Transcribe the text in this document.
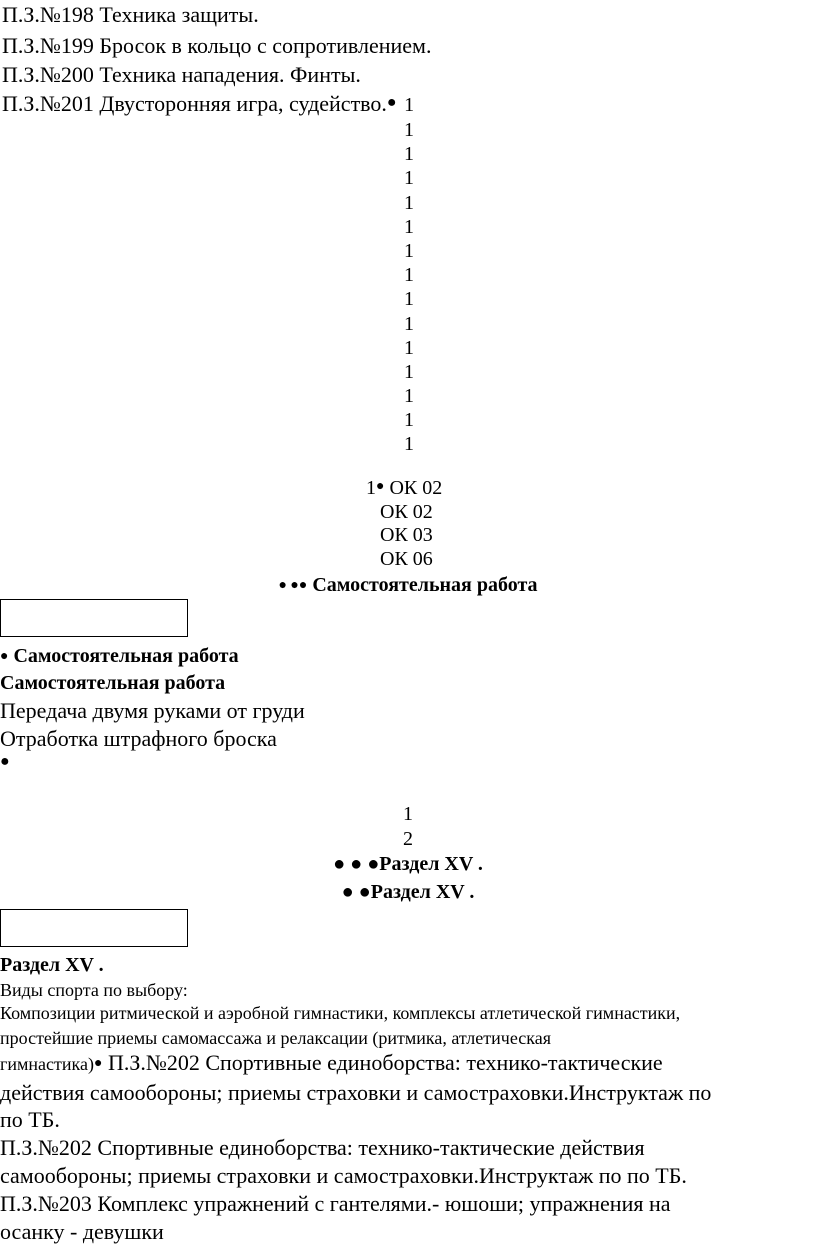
П.З.№198 Техника защиты.
П.З.№199 Бросок в кольцо с сопротивлением.
П.З.№200 Техника нападения. Финты.
П.З.№201 Двусторонняя игра, судейство.● 1
1
1
1
1
1
1
1
1
1
1
1
1
1
1
1● ОК 02
ОК 02
ОК 03
ОК 06
● ●● Самостоятельная работа
● Самостоятельная работа
Самостоятельная работа
Передача двумя руками от груди
Отработка штрафного броска
●
1
2
● ● ●Раздел XV .
● ●Раздел XV .
Раздел XV .
Виды спорта по выбору:
Композиции ритмической и аэробной гимнастики, комплексы атлетической гимнастики,
простейшие приемы самомассажа и релаксации (ритмика, атлетическая
гимнастика)● П.З.№202 Спортивные единоборства: технико-тактические
действия самообороны; приемы страховки и самостраховки.Инструктаж по
по ТБ.
П.З.№202 Спортивные единоборства: технико-тактические действия
самообороны; приемы страховки и самостраховки.Инструктаж по по ТБ.
П.З.№203 Комплекс упражнений с гантелями.- юшоши; упражнения на
осанку - девушки
